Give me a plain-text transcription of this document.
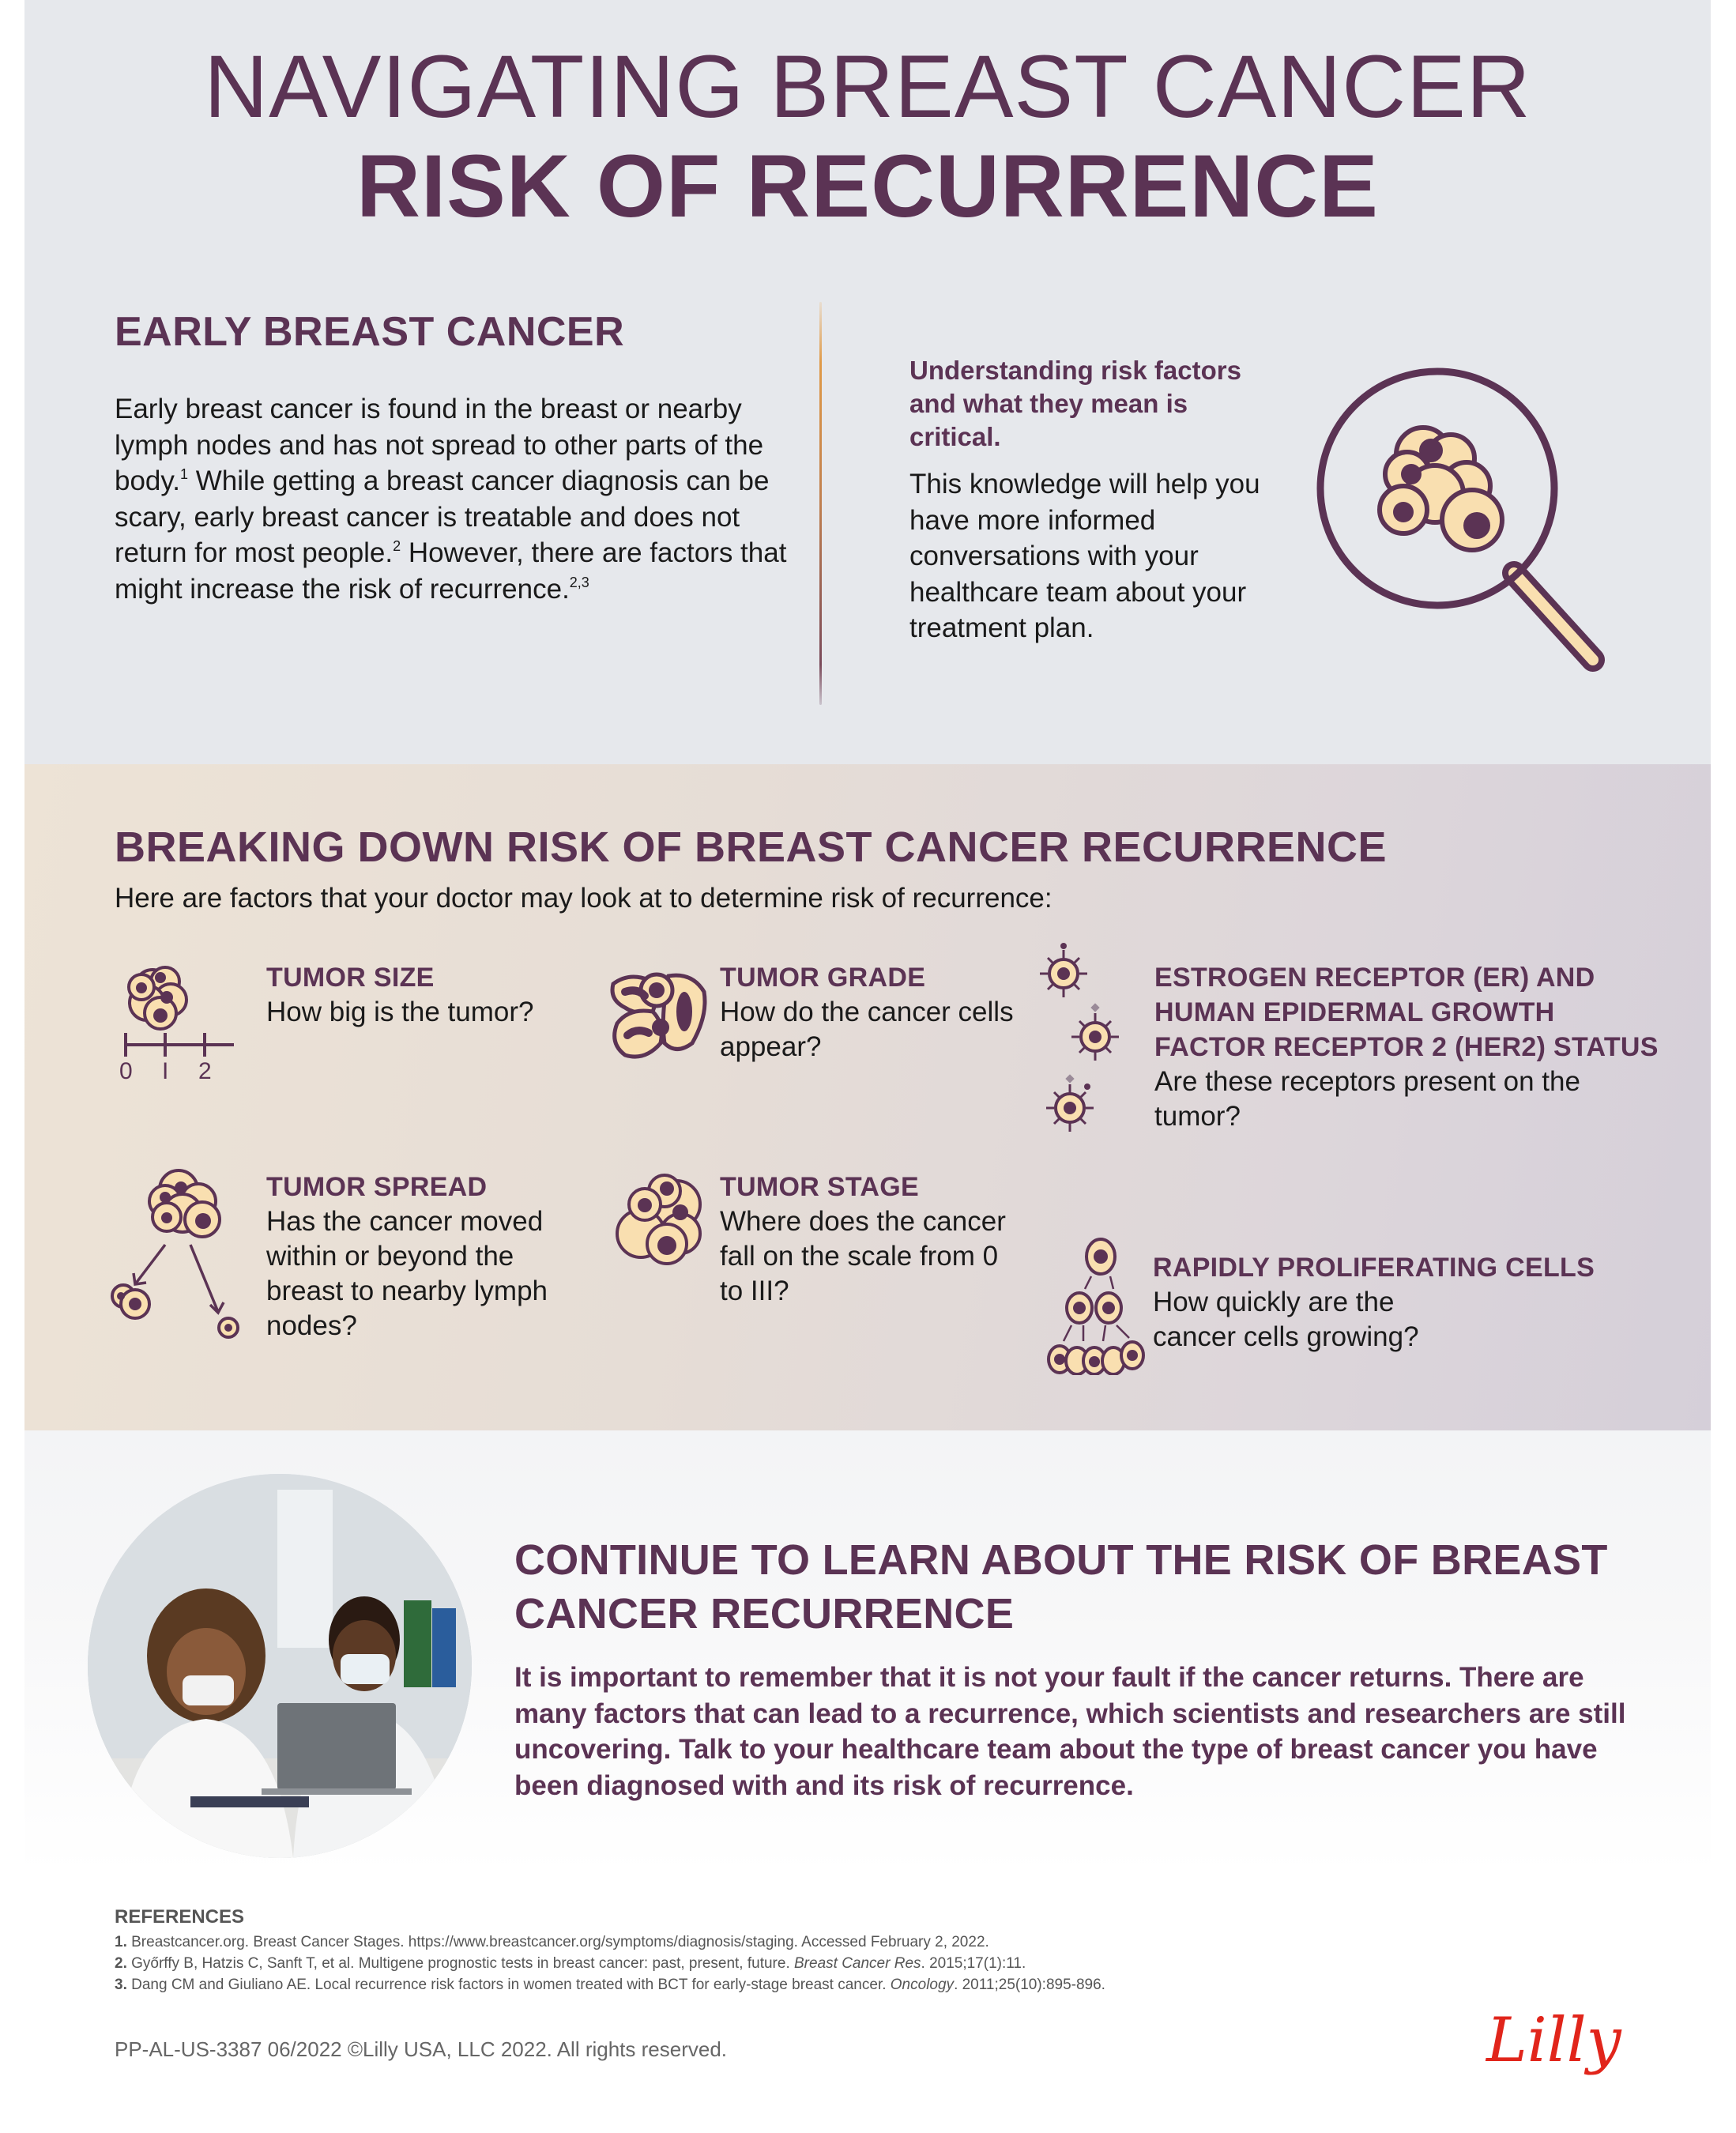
NAVIGATING BREAST CANCER
RISK OF RECURRENCE
EARLY BREAST CANCER

Early breast cancer is found in the breast or nearby lymph nodes and has not spread to other parts of the body.$^1$ While getting a breast cancer diagnosis can be scary, early breast cancer is treatable and does not return for most people.$^2$ However, there are factors that might increase the risk of recurrence.$^{2,3}$

Understanding risk factors and what they mean is critical.

This knowledge will help you have more informed conversations with your healthcare team about your treatment plan.

BREAKING DOWN RISK OF BREAST CANCER RECURRENCE

Here are factors that your doctor may look at to determine risk of recurrence:

0 I 2
TUMOR SIZE
How big is the tumor?
TUMOR GRADE
How do the cancer cells appear?
ESTROGEN RECEPTOR (ER) AND HUMAN EPIDERMAL GROWTH FACTOR RECEPTOR 2 (HER2) STATUS
Are these receptors present on the tumor?
TUMOR SPREAD
Has the cancer moved within or beyond the breast to nearby lymph nodes?
TUMOR STAGE
Where does the cancer fall on the scale from 0 to III?
RAPIDLY PROLIFERATING CELLS
How quickly are the cancer cells growing?
CONTINUE TO LEARN ABOUT THE RISK OF BREAST CANCER RECURRENCE

It is important to remember that it is not your fault if the cancer returns. There are many factors that can lead to a recurrence, which scientists and researchers are still uncovering. Talk to your healthcare team about the type of breast cancer you have been diagnosed with and its risk of recurrence.

REFERENCES
1. Breastcancer.org. Breast Cancer Stages. https://www.breastcancer.org/symptoms/diagnosis/staging. Accessed February 2, 2022.
2. Győrffy B, Hatzis C, Sanft T, et al. Multigene prognostic tests in breast cancer: past, present, future. Breast Cancer Res. 2015;17(1):11.
3. Dang CM and Giuliano AE. Local recurrence risk factors in women treated with BCT for early-stage breast cancer. Oncology. 2011;25(10):895-896.
PP-AL-US-3387 06/2022 ©Lilly USA, LLC 2022. All rights reserved.	Lilly
